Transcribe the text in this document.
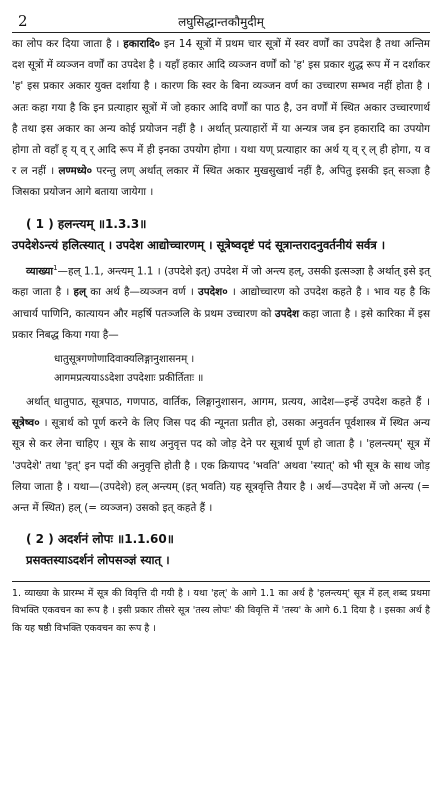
2	लघुसिद्धान्तकौमुदीम्

का लोप कर दिया जाता है । हकारादि० इन 14 सूत्रों में प्रथम चार सूत्रों में स्वर वर्णों का उपदेश है तथा अन्तिम दश सूत्रों में व्यञ्जन वर्णों का उपदेश है । यहाँ हकार आदि व्यञ्जन वर्णों को 'ह' इस प्रकार शुद्ध रूप में न दर्शाकर 'ह' इस प्रकार अकार युक्त दर्शाया है । कारण कि स्वर के बिना व्यञ्जन वर्ण का उच्चारण सम्भव नहीं होता है । अतः कहा गया है कि इन प्रत्याहार सूत्रों में जो हकार आदि वर्णों का पाठ है, उन वर्णों में स्थित अकार उच्चारणार्थ है तथा इस अकार का अन्य कोई प्रयोजन नहीं है । अर्थात् प्रत्याहारों में या अन्यत्र जब इन हकारादि का उपयोग होगा तो वहाँ ह् य् व् र् आदि रूप में ही इनका उपयोग होगा । यथा यण् प्रत्याहार का अर्थ य् व् र् ल् ही होगा, य व र ल नहीं । लण्मध्ये० परन्तु लण् अर्थात् लकार में स्थित अकार मुखसुखार्थ नहीं है, अपितु इसकी इत् सञ्ज्ञा है जिसका प्रयोजन आगे बताया जायेगा ।

( 1 ) हलन्त्यम् ॥1.3.3॥
उपदेशेऽन्त्यं हलित्स्यात् । उपदेश आद्योच्चारणम् । सूत्रेष्वदृष्टं पदं सूत्रान्तरादनुवर्तनीयं सर्वत्र ।

व्याख्या$^1$—हल् 1.1, अन्त्यम् 1.1 । (उपदेशे इत्) उपदेश में जो अन्त्य हल्, उसकी इत्सञ्ज्ञा है अर्थात् इसे इत् कहा जाता है । हल् का अर्थ है—व्यञ्जन वर्ण । उपदेश० । आद्योच्चारण को उपदेश कहते है । भाव यह है कि आचार्य पाणिनि, कात्यायन और महर्षि पतञ्जलि के प्रथम उच्चारण को उपदेश कहा जाता है । इसे कारिका में इस प्रकार निबद्ध किया गया है—

धातुसूत्रगणोणादिवाक्यलिङ्गानुशासनम् ।
आगमप्रत्ययाऽऽदेशा उपदेशाः प्रकीर्तिताः ॥

अर्थात् धातुपाठ, सूत्रपाठ, गणपाठ, वार्तिक, लिङ्गानुशासन, आगम, प्रत्यय, आदेश—इन्हें उपदेश कहते हैं । सूत्रेष्व० । सूत्रार्थ को पूर्ण करने के लिए जिस पद की न्यूनता प्रतीत हो, उसका अनुवर्तन पूर्वशास्त्र में स्थित अन्य सूत्र से कर लेना चाहिए । सूत्र के साथ अनुवृत्त पद को जोड़ देने पर सूत्रार्थ पूर्ण हो जाता है । 'हलन्त्यम्' सूत्र में 'उपदेशे' तथा 'इत्' इन पदों की अनुवृत्ति होती है । एक क्रियापद 'भवति' अथवा 'स्यात्' को भी सूत्र के साथ जोड़ लिया जाता है । यथा—(उपदेशे) हल् अन्त्यम् (इत् भवति) यह सूत्रवृत्ति तैयार है । अर्थ—उपदेश में जो अन्त्य (= अन्त में स्थित) हल् (= व्यञ्जन) उसको इत् कहते हैं ।

( 2 ) अदर्शनं लोपः ॥1.1.60॥
प्रसक्तस्याऽदर्शनं लोपसञ्ज्ञं स्यात् ।
1. व्याख्या के प्रारम्भ में सूत्र की विवृत्ति दी गयी है । यथा 'हल्' के आगे 1.1 का अर्थ है 'हलन्त्यम्' सूत्र में हल् शब्द प्रथमा विभक्ति एकवचन का रूप है । इसी प्रकार तीसरे सूत्र 'तस्य लोपः' की विवृत्ति में 'तस्य' के आगे 6.1 दिया है । इसका अर्थ है कि यह षष्ठी विभक्ति एकवचन का रूप है ।
